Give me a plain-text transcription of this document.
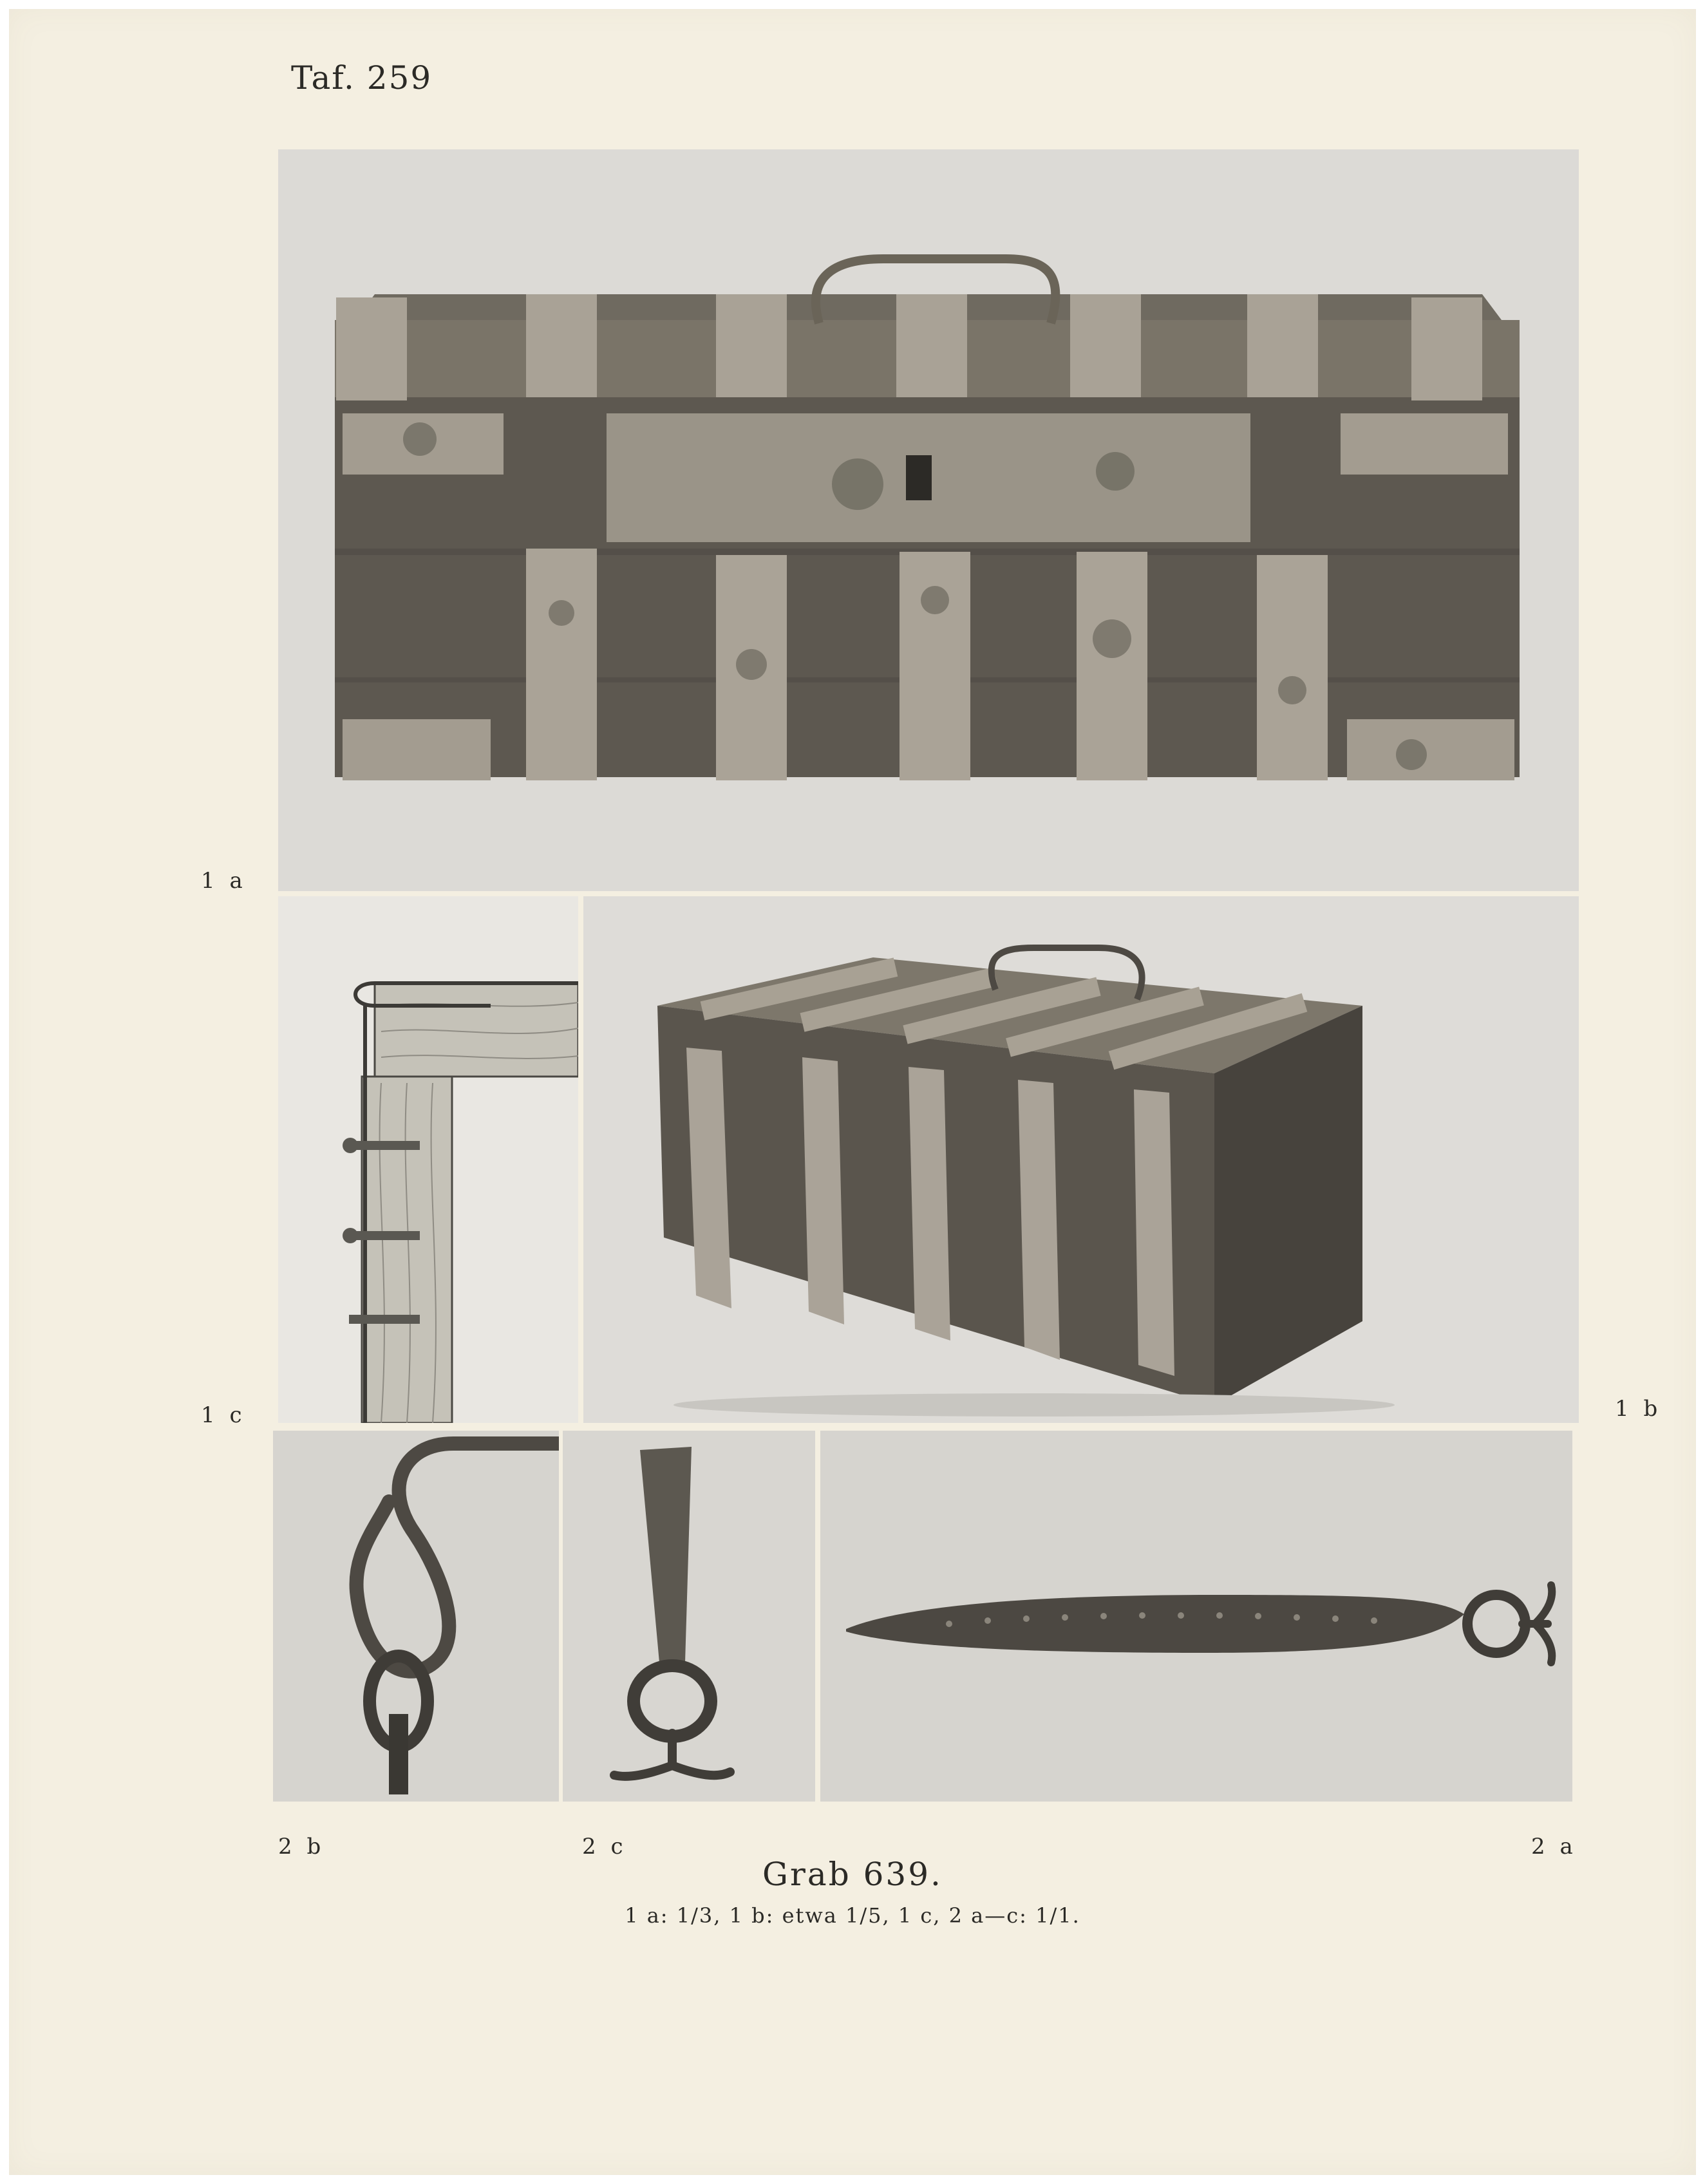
Taf. 259
1 a
1 c	1 b
2 b	2 c	2 a
Grab 639.
1 a: 1/3, 1 b: etwa 1/5, 1 c, 2 a—c: 1/1.
